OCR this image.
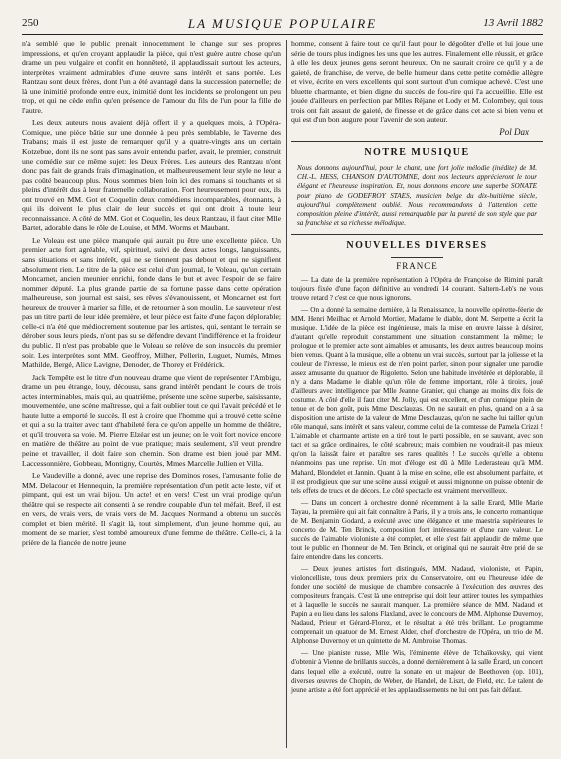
250	LA MUSIQUE POPULAIRE	13 Avril 1882

n'a semblé que le public prenait innocemment le change sur ses propres impressions, et qu'en croyant applaudir la pièce, qui n'est guère autre chose qu'un drame un peu vulgaire et confit en honnêteté, il applaudissait surtout les acteurs, interprètes vraiment admirables d'une œuvre sans intérêt et sans portée. Les Rantzau sont deux frères, dont l'un a été avantagé dans la succession paternelle; de là une inimitié profonde entre eux, inimitié dont les incidents se prolongent un peu trop, et qui ne cède enfin qu'en présence de l'amour du fils de l'un pour la fille de l'autre.

Les deux auteurs nous avaient déjà offert il y a quelques mois, à l'Opéra-Comique, une pièce bâtie sur une donnée à peu près semblable, le Taverne des Trabans; mais il est juste de remarquer qu'il y a quatre-vingts ans un certain Kotzebue, dont ils ne sont pas sans avoir entendu parler, avait, le premier, construit une comédie sur ce même sujet: les Deux Frères. Les auteurs des Rantzau n'ont donc pas fait de grands frais d'imagination, et malheureusement leur style ne leur a pas coûté beaucoup plus. Nous sommes bien loin ici des romans si touchants et si pleins d'intérêt dus à leur fraternelle collaboration. Fort heureusement pour eux, ils ont trouvé en MM. Got et Coquelin deux comédiens incomparables, étonnants, à qui ils doivent le plus clair de leur succès et qui ont droit à toute leur reconnaissance. A côté de MM. Got et Coquelin, les deux Rantzau, il faut citer Mlle Bartet, adorable dans le rôle de Louise, et MM. Worms et Maubant.

Le Voleau est une pièce manquée qui aurait pu être une excellente pièce. Un premier acte fort agréable, vif, spirituel, suivi de deux actes longs, languissants, sans situations et sans intérêt, qui ne se tiennent pas debout et qui ne signifient absolument rien. Le titre de la pièce est celui d'un journal, le Voleau, qu'un certain Moncarnet, ancien meunier enrichi, fonde dans le but et avec l'espoir de se faire nommer député. La plus grande partie de sa fortune passe dans cette opération malheureuse, son journal est saisi, ses rêves s'évanouissent, et Moncarnet est fort heureux de trouver à marier sa fille, et de retourner à son moulin. Le sauveteur n'est pas un titre parti de leur idée première, et leur pièce est faite d'une façon déplorable; celle-ci n'a été que médiocrement soutenue par les artistes, qui, sentant le terrain se dérober sous leurs pieds, n'ont pas su se défendre devant l'indifférence et la froideur du public. Il n'est pas probable que le Voleau se relève de son insuccès du premier soir. Les interprètes sont MM. Geoffroy, Milher, Pellerin, Luguet, Numès, Mmes Mathilde, Bergé, Alice Lavigne, Denoder, de Thorey et Frédérick.

Jack Tempête est le titre d'un nouveau drame que vient de représenter l'Ambigu, drame un peu étrange, louy, décousu, sans grand intérêt pendant le cours de trois actes interminables, mais qui, au quatrième, présente une scène superbe, saisissante, mouvementée, une scène maîtresse, qui a fait oublier tout ce qui l'avait précédé et le haute lutte a emporté le succès. Il est à croire que l'homme qui a trouvé cette scène et qui a su la traiter avec tant d'habileté fera ce qu'on appelle un homme de théâtre, et qu'il trouvera sa voie. M. Pierre Elzéar est un jeune; on le voit fort novice encore en matière de théâtre au point de vue pratique; mais seulement, s'il veut prendre peine et travailler, il doit faire son chemin. Son drame est bien joué par MM. Laccessonnière, Gobbeau, Montigny, Courtès, Mmes Marcelle Jullien et Villa.

Le Vaudeville a donné, avec une reprise des Dominos roses, l'amusante folie de MM. Delacour et Hennequin, la première représentation d'un petit acte leste, vif et pimpant, qui est un vrai bijou. Un acte! et en vers! C'est un vrai prodige qu'un théâtre qui se respecte ait consenti à se rendre coupable d'un tel méfait. Bref, il est en vers, de vrais vers, de vrais vers de M. Jacques Normand a obtenu un succès complet et bien mérité. Il s'agit là, tout simplement, d'un jeune homme qui, au moment de se marier, s'est tombé amoureux d'une femme de théâtre. Celle-ci, à la prière de la fiancée de notre jeune

homme, consent à faire tout ce qu'il faut pour le dégoûter d'elle et lui joue une série de tours plus indignes les uns que les autres. Finalement elle réussit, et grâce à elle les deux jeunes gens seront heureux. On ne saurait croire ce qu'il y a de gaieté, de franchise, de verve, de belle humeur dans cette petite comédie allègre et vive, écrite en vers excellents qui sont surtout d'un comique achevé. C'est une bluette charmante, et bien digne du succès de fou-rire qui l'a accueillie. Elle est jouée d'ailleurs en perfection par Mlles Réjane et Lody et M. Colombey, qui tous trois ont fait assaut de gaieté, de finesse et de grâce dans cet acte si bien venu et qui est d'un bon augure pour l'avenir de son auteur.

Pol Dax
NOTRE MUSIQUE
Nous donnons aujourd'hui, pour le chant, une fort jolie mélodie (inédite) de M. CH.-L. HESS, CHANSON D'AUTOMNE, dont nos lecteurs apprécieront le tour élégant et l'heureuse inspiration. Et, nous donnons encore une superbe SONATE pour piano de GODEFROY STAES, musicien belge du dix-huitième siècle, aujourd'hui complètement oublié. Nous recommandons à l'attention cette composition pleine d'intérêt, aussi remarquable par la pureté de son style que par sa franchise et sa richesse mélodique.
NOUVELLES DIVERSES
FRANCE

— La date de la première représentation à l'Opéra de Françoise de Rimini paraît toujours fixée d'une façon définitive au vendredi 14 courant. Saltern-Leb's ne vous trouve retard ? c'est ce que nous ignorons.

— On a donné la semaine dernière, à la Renaissance, la nouvelle opérette-féerie de MM. Henri Meilhac et Arnold Mortier, Madame le diable, dont M. Serpette a écrit la musique. L'idée de la pièce est ingénieuse, mais la mise en œuvre laisse à désirer, d'autant qu'elle reproduit constamment une situation constamment la même; le prologue et le premier acte sont aimables et amusants, les deux autres beaucoup moins bien venus. Quant à la musique, elle a obtenu un vrai succès, surtout par la joliesse et la couleur de l'ivresse, le mieux est de n'en point parler, sinon pour signaler une parodie assez amusante du quatuor de Rigoletto. Selon une habitude invétérée et déplorable, il n'y a dans Madame le diable qu'un rôle de femme important, rôle à tiroirs, joué d'ailleurs avec intelligence par Mlle Jeanne Granier, qui change au moins dix fois de costume. A côté d'elle il faut citer M. Jolly, qui est excellent, et d'un comique plein de tenue et de bon goût, puis Mme Desclauzas. On ne saurait en plus, quand on a à sa disposition une artiste de la valeur de Mme Desclauzas, qu'on ne sache lui tailler qu'un rôle manqué, sans intérêt et sans valeur, comme celui de la comtesse de Pamela Crizzi ! L'aimable et charmante artiste en a tiré tout le parti possible, en se sauvant, avec son tact et sa grâce ordinaires, le côté scabreux; mais combien ne voudrait-il pas mieux qu'on la laissât faire et paraître ses rares qualités ! Le succès qu'elle a obtenu néanmoins pas une reprise. Un mot d'éloge est dû à Mlle Lederasteau qu'à MM. Mahard, Blondelet et Jannin. Quant à la mise en scène, elle est absolument parfaite, et il est prodigieux que sur une scène aussi exiguë et aussi mignonne on puisse obtenir de tels effets de trucs et de décors. Le côté spectacle est vraiment merveilleux.

— Dans un concert à orchestre donné récemment à la salle Erard, Mlle Marie Tayau, la première qui ait fait connaître à Paris, il y a trois ans, le concerto romantique de M. Benjamin Godard, a exécuté avec une élégance et une maestria supérieures le concerto de M. Ten Brinck, composition fort intéressante et d'une rare valeur. Le succès de l'aimable violoniste a été complet, et elle s'est fait applaudir de même que tout le public en l'honneur de M. Ten Brinck, et original qui ne saurait être prié de se faire entendre dans les concerts.

— Deux jeunes artistes fort distingués, MM. Nadaud, violoniste, et Papin, violoncelliste, tous deux premiers prix du Conservatoire, ont eu l'heureuse idée de fonder une société de musique de chambre consacrée à l'exécution des œuvres des compositeurs français. C'est là une entreprise qui doit leur attirer toutes les sympathies et à laquelle le succès ne saurait manquer. La première séance de MM. Nadaud et Papin a eu lieu dans les salons Flaxland, avec le concours de MM. Alphonse Duvernoy, Nadaud, Prieur et Gérard-Florez, et le résultat a été très brillant. Le programme comprenait un quatuor de M. Ernest Alder, chef d'orchestre de l'Opéra, un trio de M. Alphonse Duvernoy et un quintette de M. Ambroise Thomas.

— Une pianiste russe, Mlle Wis, l'éminente élève de Tchaïkovsky, qui vient d'obtenir à Vienne de brillants succès, a donné dernièrement à la salle Érard, un concert dans lequel elle a exécuté, outre la sonate en ut majeur de Beethoven (op. 101), diverses œuvres de Chopin, de Weber, de Handel, de Liszt, de Field, etc. Le talent de jeune artiste a été fort apprécié et les applaudissements ne lui ont pas fait défaut.
